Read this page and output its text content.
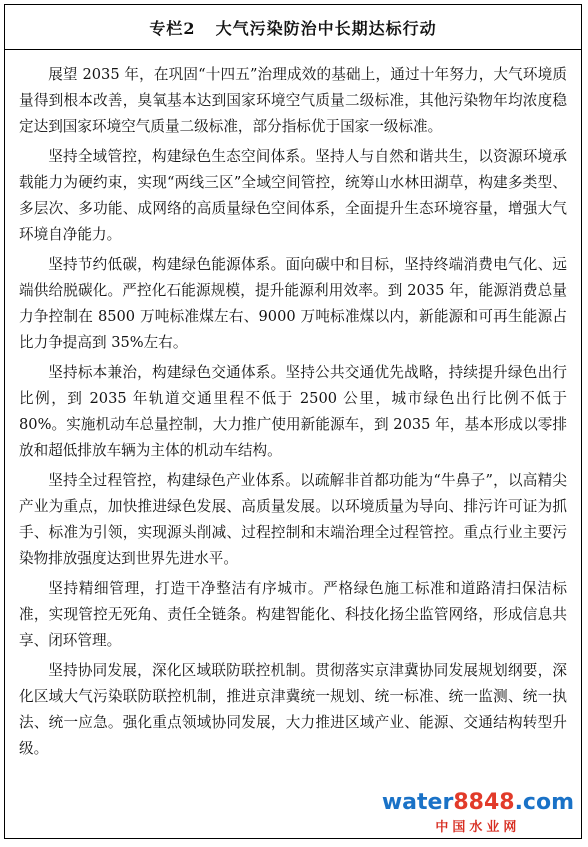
专栏2 大气污染防治中长期达标行动

展望 2035 年，在巩固“十四五”治理成效的基础上，通过十年努力，大气环境质量得到根本改善，臭氧基本达到国家环境空气质量二级标准，其他污染物年均浓度稳定达到国家环境空气质量二级标准，部分指标优于国家一级标准。

坚持全域管控，构建绿色生态空间体系。坚持人与自然和谐共生，以资源环境承载能力为硬约束，实现“两线三区”全域空间管控，统筹山水林田湖草，构建多类型、多层次、多功能、成网络的高质量绿色空间体系，全面提升生态环境容量，增强大气环境自净能力。

坚持节约低碳，构建绿色能源体系。面向碳中和目标，坚持终端消费电气化、远端供给脱碳化。严控化石能源规模，提升能源利用效率。到 2035 年，能源消费总量力争控制在 8500 万吨标准煤左右、9000 万吨标准煤以内，新能源和可再生能源占比力争提高到 35%左右。

坚持标本兼治，构建绿色交通体系。坚持公共交通优先战略，持续提升绿色出行比例，到 2035 年轨道交通里程不低于 2500 公里，城市绿色出行比例不低于 80%。实施机动车总量控制，大力推广使用新能源车，到 2035 年，基本形成以零排放和超低排放车辆为主体的机动车结构。

坚持全过程管控，构建绿色产业体系。以疏解非首都功能为“牛鼻子”，以高精尖产业为重点，加快推进绿色发展、高质量发展。以环境质量为导向、排污许可证为抓手、标准为引领，实现源头削减、过程控制和末端治理全过程管控。重点行业主要污染物排放强度达到世界先进水平。

坚持精细管理，打造干净整洁有序城市。严格绿色施工标准和道路清扫保洁标准，实现管控无死角、责任全链条。构建智能化、科技化扬尘监管网络，形成信息共享、闭环管理。

坚持协同发展，深化区域联防联控机制。贯彻落实京津冀协同发展规划纲要，深化区域大气污染联防联控机制，推进京津冀统一规划、统一标准、统一监测、统一执法、统一应急。强化重点领域协同发展，大力推进区域产业、能源、交通结构转型升级。

water8848.com
中国水业网
